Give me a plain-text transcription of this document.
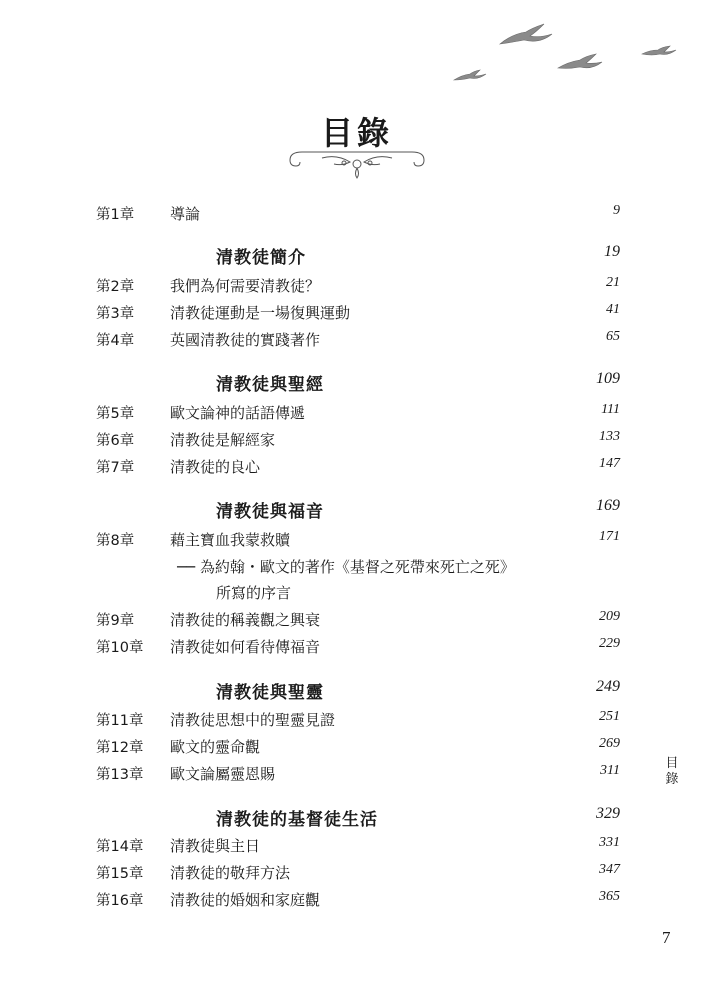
目錄
第1章 導論	9
清教徒簡介	19
第2章 我們為何需要清教徒？	21
第3章 清教徒運動是一場復興運動	41
第4章 英國清教徒的實踐著作	65
清教徒與聖經	109
第5章 歐文論神的話語傳遞	111
第6章 清教徒是解經家	133
第7章 清教徒的良心	147
清教徒與福音	169
第8章 藉主寶血我蒙救贖	171
── 為約翰・歐文的著作《基督之死帶來死亡之死》
所寫的序言
第9章 清教徒的稱義觀之興衰	209
第10章 清教徒如何看待傳福音	229
清教徒與聖靈	249
第11章 清教徒思想中的聖靈見證	251
第12章 歐文的靈命觀	269
第13章 歐文論屬靈恩賜	311
清教徒的基督徒生活	329
第14章 清教徒與主日	331
第15章 清教徒的敬拜方法	347
第16章 清教徒的婚姻和家庭觀	365
目錄
7
